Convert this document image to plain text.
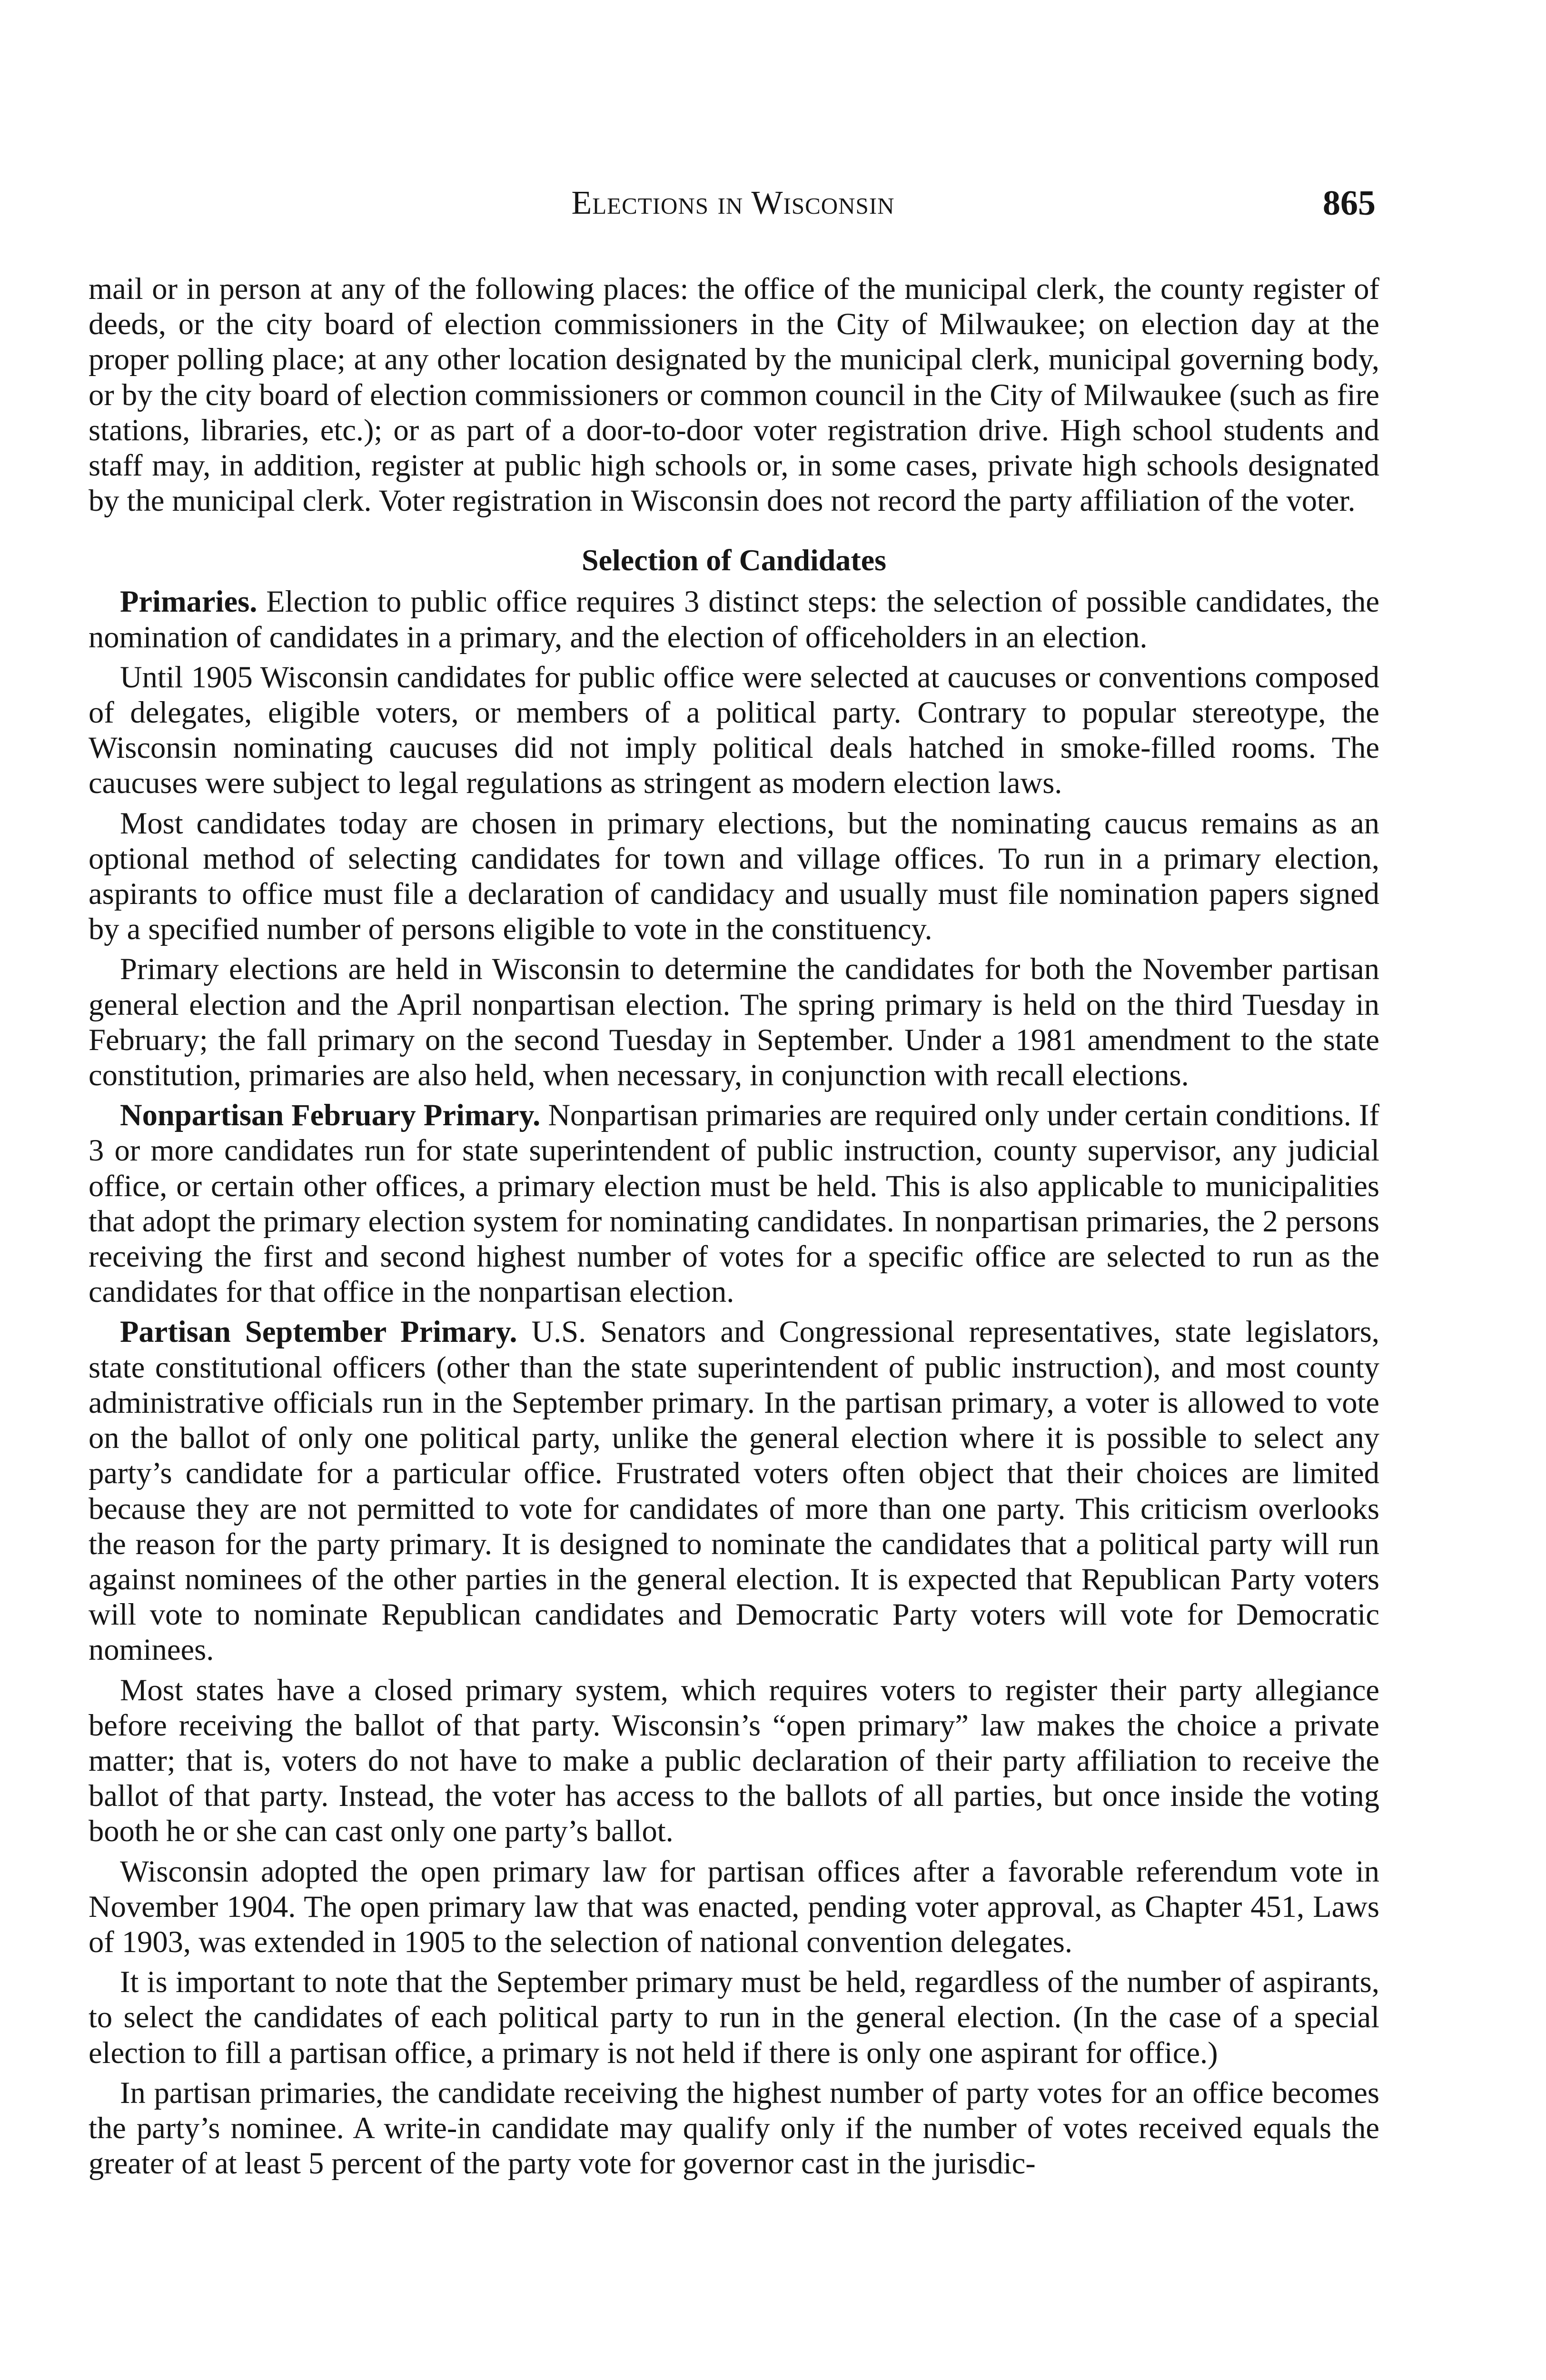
Elections in Wisconsin	865

mail or in person at any of the following places: the office of the municipal clerk, the county register of deeds, or the city board of election commissioners in the City of Milwaukee; on election day at the proper polling place; at any other location designated by the municipal clerk, municipal governing body, or by the city board of election commissioners or common council in the City of Milwaukee (such as fire stations, libraries, etc.); or as part of a door-to-door voter registration drive. High school students and staff may, in addition, register at public high schools or, in some cases, private high schools designated by the municipal clerk. Voter registration in Wisconsin does not record the party affiliation of the voter.

Selection of Candidates

Primaries. Election to public office requires 3 distinct steps: the selection of possible candidates, the nomination of candidates in a primary, and the election of officeholders in an election.

Until 1905 Wisconsin candidates for public office were selected at caucuses or conventions composed of delegates, eligible voters, or members of a political party. Contrary to popular stereotype, the Wisconsin nominating caucuses did not imply political deals hatched in smoke-filled rooms. The caucuses were subject to legal regulations as stringent as modern election laws.

Most candidates today are chosen in primary elections, but the nominating caucus remains as an optional method of selecting candidates for town and village offices. To run in a primary election, aspirants to office must file a declaration of candidacy and usually must file nomination papers signed by a specified number of persons eligible to vote in the constituency.

Primary elections are held in Wisconsin to determine the candidates for both the November partisan general election and the April nonpartisan election. The spring primary is held on the third Tuesday in February; the fall primary on the second Tuesday in September. Under a 1981 amendment to the state constitution, primaries are also held, when necessary, in conjunction with recall elections.

Nonpartisan February Primary. Nonpartisan primaries are required only under certain conditions. If 3 or more candidates run for state superintendent of public instruction, county supervisor, any judicial office, or certain other offices, a primary election must be held. This is also applicable to municipalities that adopt the primary election system for nominating candidates. In nonpartisan primaries, the 2 persons receiving the first and second highest number of votes for a specific office are selected to run as the candidates for that office in the nonpartisan election.

Partisan September Primary. U.S. Senators and Congressional representatives, state legislators, state constitutional officers (other than the state superintendent of public instruction), and most county administrative officials run in the September primary. In the partisan primary, a voter is allowed to vote on the ballot of only one political party, unlike the general election where it is possible to select any party’s candidate for a particular office. Frustrated voters often object that their choices are limited because they are not permitted to vote for candidates of more than one party. This criticism overlooks the reason for the party primary. It is designed to nominate the candidates that a political party will run against nominees of the other parties in the general election. It is expected that Republican Party voters will vote to nominate Republican candidates and Democratic Party voters will vote for Democratic nominees.

Most states have a closed primary system, which requires voters to register their party allegiance before receiving the ballot of that party. Wisconsin’s “open primary” law makes the choice a private matter; that is, voters do not have to make a public declaration of their party affiliation to receive the ballot of that party. Instead, the voter has access to the ballots of all parties, but once inside the voting booth he or she can cast only one party’s ballot.

Wisconsin adopted the open primary law for partisan offices after a favorable referendum vote in November 1904. The open primary law that was enacted, pending voter approval, as Chapter 451, Laws of 1903, was extended in 1905 to the selection of national convention delegates.

It is important to note that the September primary must be held, regardless of the number of aspirants, to select the candidates of each political party to run in the general election. (In the case of a special election to fill a partisan office, a primary is not held if there is only one aspirant for office.)

In partisan primaries, the candidate receiving the highest number of party votes for an office becomes the party’s nominee. A write-in candidate may qualify only if the number of votes received equals the greater of at least 5 percent of the party vote for governor cast in the jurisdic-
